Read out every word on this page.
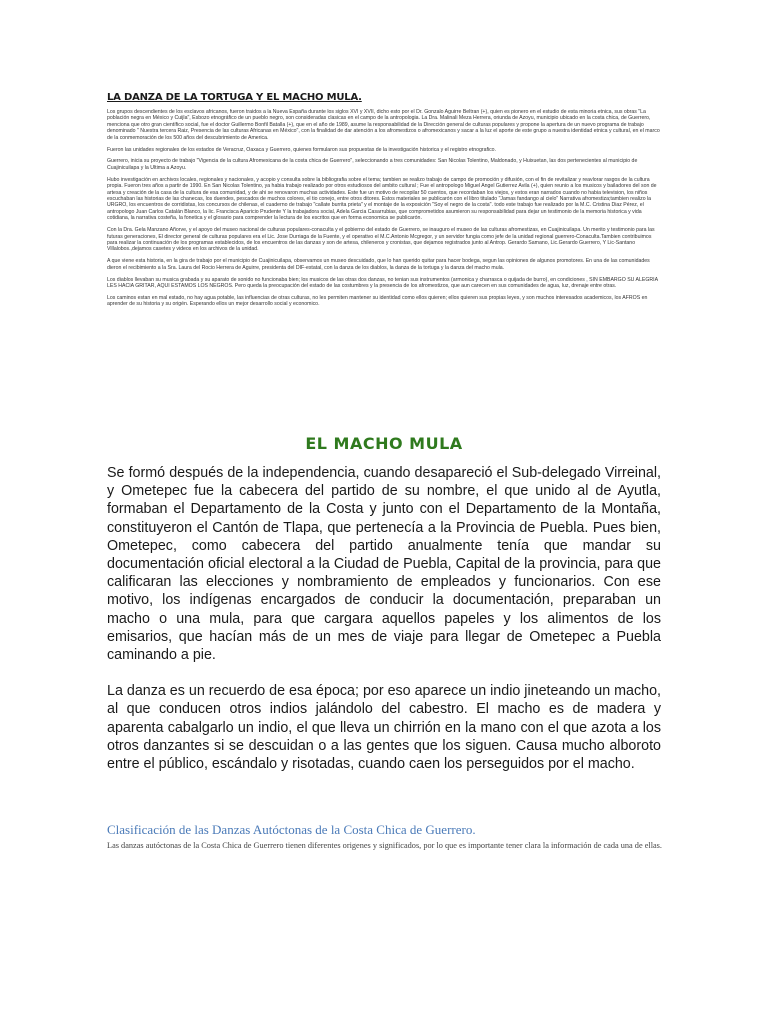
LA DANZA DE LA TORTUGA Y EL MACHO MULA.

Los grupos descendientes de los esclavos africanos, fueron traidos a la Nueva España durante los siglos XVI y XVII, dicho esto por el Dr. Gonzalo Aguirre Beltran (+), quien es pionero en el estudio de esta minoria etnica, sus obras "La población negra en México y Cuijla", Esbozo etnográfico de un pueblo negro, son consideradas clasicas en el campo de la antropologia. La Dra. Malinali Meza Herrera, oriunda de Azoyu, municipio ubicado en la costa chica, de Guerrero, menciona que otro gran científico social, fue el doctor Guillermo Bonfil Batalla (+), que en el año de 1989, asume la responsabilidad de la Dirección general de culturas populares y propone la apertura de un nuevo programa de trabajo denominado " Nuestra tercera Raiz, Presencia de las culturas Africanas en México", con la finalidad de dar atención a los afromestizos o afromexicanos y sacar a la luz el aporte de este grupo a nuestra identidad etnica y cultural, en el marco de la conmemoración de los 500 años del descubrimiento de America.

Fueron las unidades regionales de los estados de Veracruz, Oaxaca y Guerrero, quienes formularon sus propuestas de la investigación historica y el registro etnografico.

Guerrero, inicia su proyecto de trabajo "Vigencia de la cultura Afromexicana de la costa chica de Guerrero", seleccionando a tres comunidades: San Nicolas Tolentino, Maldonado, y Huixuetan, las dos pertenecientes al municipio de Cuajinicuilapa y la Ultima a Azoyu.

Hubo investigación en archivos locales, regionales y nacionales, y acopio y consulta sobre la bibliografia sobre el tema; tambien se realizo trabajo de campo de promoción y difusión, con el fin de revitalizar y reavlorar rasgos de la cultura propia. Fueron tres años a partir de 1990. En San Nicolas Tolentino, ya habia trabajo realizado por otros estudiosos del ambito cultural ; Fue el antropologo Miguel Angel Gutierrez Avila (+), quien reunio a los musicos y bailadores del son de artesa y creación de la casa de la cultura de esa comunidad, y de ahi se renovaron muchas actividades. Este fue un motivo de recopilar 50 cuentos, que recordaban los viejos, y estos eran narrados cuando no habia television, los niños escuchaban las historias de las chanecas, los duendes, pescados de muchos colores, el tio conejo, entre otros ditores. Estos materiales se publicarón con el libro titulado "Jamas fandango al cielo" Narrativa afromestiza;tambien realizo la URGRO, los encuentros de corridistas, los concursos de chilenas, el cuaderno de trabajo "callate burrita prieta" y el montaje de la exposición "Soy el negro de la costa". todo este trabajo fue realizado por la M.C. Cristina Diaz Pérez, el antropologo Juan Carlos Catalán Blanco, la lic. Francisca Aparicio Prudente Y la trabajadora social, Adela Garcia Casarrubias, que comprometidos asumieron su responsabilidad para dejar un testimonio de la memoria historica y vida cotidiana, la narrativa costeña, la fonetica y el glosario para comprender la lectura de los escritos que en forma economica se publicarón.

Con la Dra. Gela Manzano Añorve, y el apoyo del museo nacional de culturas populares-conaculta y el gobierno del estado de Guerrero, se inauguro el museo de las culturas afromestizas, en Cuajinicuilapa. Un merito y testimonio para las futuras generaciones, El director general de culturas populares era el Lic. Jose Durriaga de la Fuente, y el operativo el M.C.Antonio Mcgregor, y un servidor fungia como jefe de la unidad regional guerrero-Conaculta.Tambien contribuimos para realizar la continuación de los programas establecidos, de los encuentros de las danzas y son de artesa, chileneros y cronistas, que dejamos registrados junto al Antrop. Gerardo Samano, Lic.Gerardo Guerrero, Y Lic-Santano Villalobos.,dejamos casetes y videos en los archivos de la unidad.

A que viene esta historia, en la gira de trabajo por el municipio de Cuajinicuilapa, observamos un museo descuidado, que lo han querido quitar para hacer bodega, segun las opiniones de algunos promotores. En una de las comunidades dieron el recibimiento a la Sra. Laura del Rocio Herrera de Aguirre, presidenta del DIF-estatal, con la danza de los diablos, la danza de la tortuga y la danza del macho mula.

Los diablos llevaban su musica grabada y su aparato de sonido no funcionaba bien; los musicos de las otras dos danzas, no tenian sus instrumentos (armonica y charrasca o quijada de burro), en condiciones , SIN EMBARGO SU ALEGRIA LES HACIA GRITAR, AQUI ESTAMOS LOS NEGROS. Pero queda la preocupación del estado de las costumbres y la presencia de los afromestizos, que aun carecen en sus comunidades de agua, luz, drenaje entre otras.

Los caminos estan en mal estado, no hay agua potable, las influencias de otras culturas, no les permiten mantener su identidad como ellos quieren; ellos quieren sus propias leyes, y son muchos interesados academicos, los AFROS en aprender de su historia y su origén. Esperando ellos un mejor desarrollo social y economico.

EL MACHO MULA

Se formó después de la independencia, cuando desapareció el Sub-delegado Virreinal, y Ometepec fue la cabecera del partido de su nombre, el que unido al de Ayutla, formaban el Departamento de la Costa y junto con el Departamento de la Montaña, constituyeron el Cantón de Tlapa, que pertenecía a la Provincia de Puebla. Pues bien, Ometepec, como cabecera del partido anualmente tenía que mandar su documentación oficial electoral a la Ciudad de Puebla, Capital de la provincia, para que calificaran las elecciones y nombramiento de empleados y funcionarios. Con ese motivo, los indígenas encargados de conducir la documentación, preparaban un macho o una mula, para que cargara aquellos papeles y los alimentos de los emisarios, que hacían más de un mes de viaje para llegar de Ometepec a Puebla caminando a pie.

La danza es un recuerdo de esa época; por eso aparece un indio jineteando un macho, al que conducen otros indios jalándolo del cabestro. El macho es de madera y aparenta cabalgarlo un indio, el que lleva un chirrión en la mano con el que azota a los otros danzantes si se descuidan o a las gentes que los siguen. Causa mucho alboroto entre el público, escándalo y risotadas, cuando caen los perseguidos por el macho.

Clasificación de las Danzas Autóctonas de la Costa Chica de Guerrero.
Las danzas autóctonas de la Costa Chica de Guerrero tienen diferentes origenes y significados, por lo que es importante tener clara la información de cada una de ellas.
